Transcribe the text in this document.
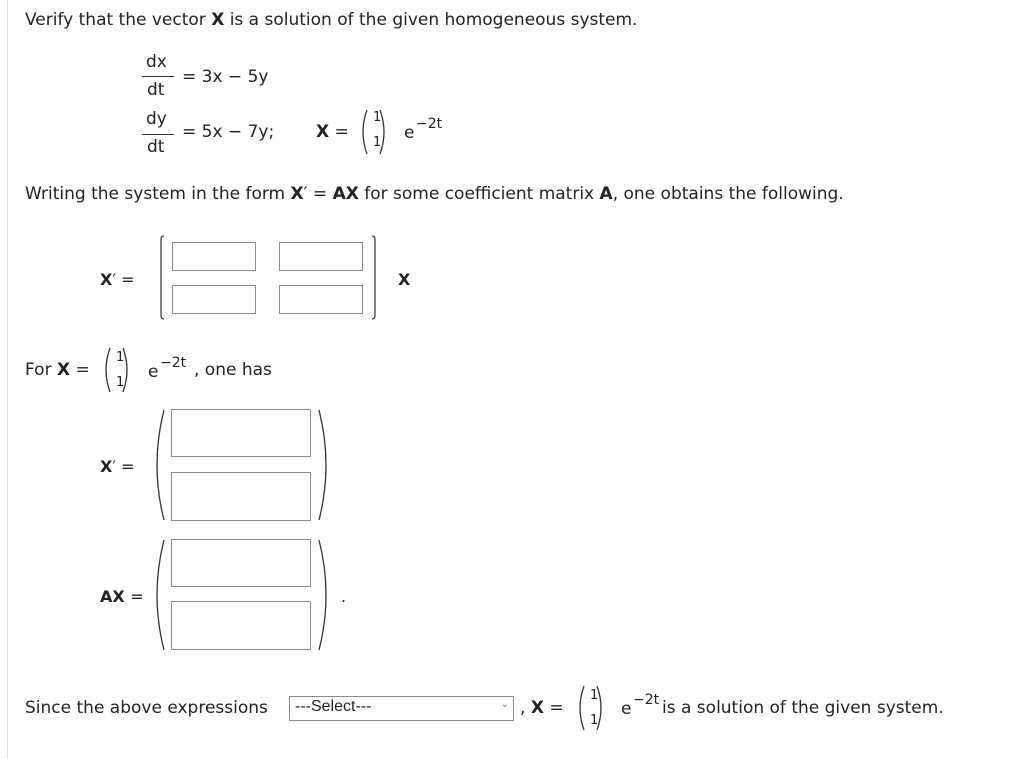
Verify that the vector X is a solution of the given homogeneous system.
dx
dt
= 3x − 5y
dy
dt
= 5x − 7y; X =
1
1 e −2t
Writing the system in the form X′ = AX for some coefficient matrix A, one obtains the following.
X′ =	X
For X =
1
1
e −2t , one has
X′ =
AX =	.
Since the above expressions	---Select---	⌄ , X =
1
1
e −2t is a solution of the given system.
